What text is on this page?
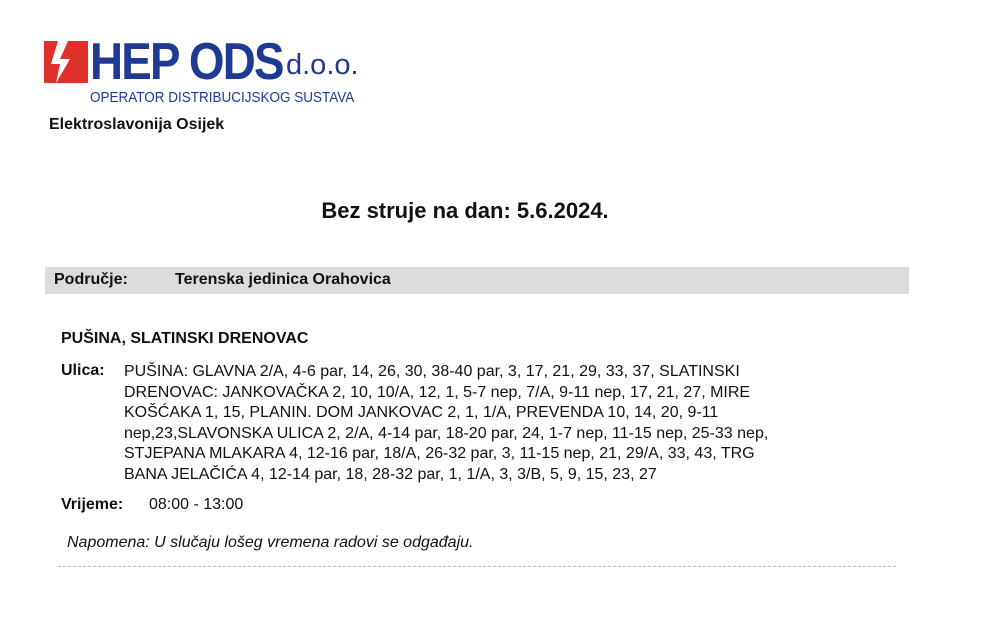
HEP ODS d.o.o.
OPERATOR DISTRIBUCIJSKOG SUSTAVA
Elektroslavonija Osijek
Bez struje na dan: 5.6.2024.
Područje:	Terenska jedinica Orahovica
PUŠINA, SLATINSKI DRENOVAC
Ulica: PUŠINA: GLAVNA 2/A, 4-6 par, 14, 26, 30, 38-40 par, 3, 17, 21, 29, 33, 37, SLATINSKI
DRENOVAC: JANKOVAČKA 2, 10, 10/A, 12, 1, 5-7 nep, 7/A, 9-11 nep, 17, 21, 27, MIRE
KOŠĆAKA 1, 15, PLANIN. DOM JANKOVAC 2, 1, 1/A, PREVENDA 10, 14, 20, 9-11
nep,23,SLAVONSKA ULICA 2, 2/A, 4-14 par, 18-20 par, 24, 1-7 nep, 11-15 nep, 25-33 nep,
STJEPANA MLAKARA 4, 12-16 par, 18/A, 26-32 par, 3, 11-15 nep, 21, 29/A, 33, 43, TRG
BANA JELAČIĆA 4, 12-14 par, 18, 28-32 par, 1, 1/A, 3, 3/B, 5, 9, 15, 23, 27
Vrijeme: 08:00 - 13:00
Napomena: U slučaju lošeg vremena radovi se odgađaju.
